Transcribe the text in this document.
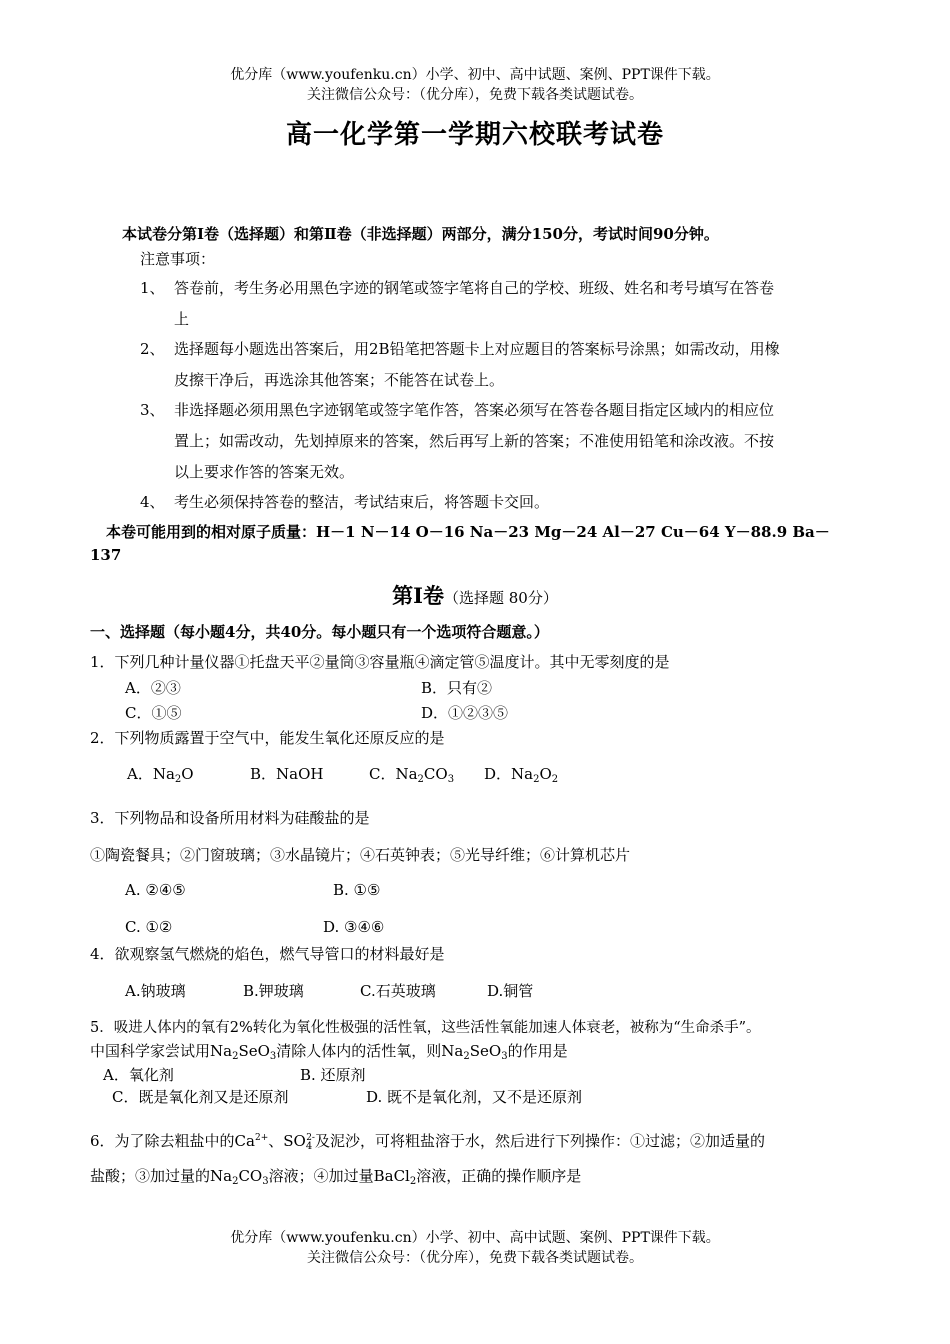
优分库（www.youfenku.cn）小学、初中、高中试题、案例、PPT课件下载。
关注微信公众号：（优分库），免费下载各类试题试卷。
高一化学第一学期六校联考试卷
本试卷分第Ⅰ卷（选择题）和第Ⅱ卷（非选择题）两部分，满分150分，考试时间90分钟。
注意事项：
1、 答卷前，考生务必用黑色字迹的钢笔或签字笔将自己的学校、班级、姓名和考号填写在答卷
上
2、 选择题每小题选出答案后，用2B铅笔把答题卡上对应题目的答案标号涂黑；如需改动，用橡
皮擦干净后，再选涂其他答案；不能答在试卷上。
3、 非选择题必须用黑色字迹钢笔或签字笔作答，答案必须写在答卷各题目指定区域内的相应位
置上；如需改动，先划掉原来的答案，然后再写上新的答案；不准使用铅笔和涂改液。不按
以上要求作答的答案无效。
4、 考生必须保持答卷的整洁，考试结束后，将答题卡交回。
本卷可能用到的相对原子质量：H－1 N－14 O－16 Na－23 Mg－24 Al－27 Cu－64 Y－88.9 Ba－
137
第Ⅰ卷（选择题 80分）
一、选择题（每小题4分，共40分。每小题只有一个选项符合题意。）
1．下列几种计量仪器①托盘天平②量筒③容量瓶④滴定管⑤温度计。其中无零刻度的是
A．②③	B．只有②
C．①⑤	D．①②③⑤
2．下列物质露置于空气中，能发生氧化还原反应的是
A．$Na_2O$	B．NaOH	C．$Na_2CO_3$ D．$Na_2O_2$
3．下列物品和设备所用材料为硅酸盐的是
①陶瓷餐具；②门窗玻璃；③水晶镜片；④石英钟表；⑤光导纤维；⑥计算机芯片
A. ②④⑤	B. ①⑤
C. ①②	D. ③④⑥
4．欲观察氢气燃烧的焰色，燃气导管口的材料最好是
A.钠玻璃	B.钾玻璃	C.石英玻璃	D.铜管
5．吸进人体内的氧有2%转化为氧化性极强的活性氧，这些活性氧能加速人体衰老，被称为“生命杀手”。
中国科学家尝试用$Na_2SeO_3$清除人体内的活性氧，则$Na_2SeO_3$的作用是
A．氧化剂	B. 还原剂
C．既是氧化剂又是还原剂	D. 既不是氧化剂，又不是还原剂
6．为了除去粗盐中的$Ca^{2+}$、$SO_4^{2-}$及泥沙，可将粗盐溶于水，然后进行下列操作：①过滤；②加适量的
盐酸；③加过量的$Na_2CO_3$溶液；④加过量BaCl$_2$溶液，正确的操作顺序是
优分库（www.youfenku.cn）小学、初中、高中试题、案例、PPT课件下载。
关注微信公众号：（优分库），免费下载各类试题试卷。
